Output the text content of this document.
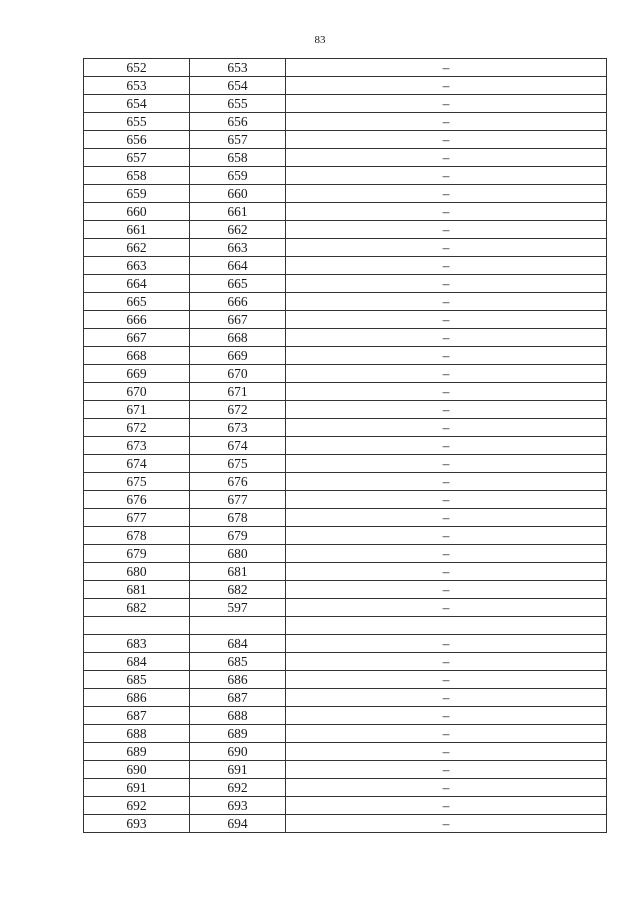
83
652	653	–
653	654	–
654	655	–
655	656	–
656	657	–
657	658	–
658	659	–
659	660	–
660	661	–
661	662	–
662	663	–
663	664	–
664	665	–
665	666	–
666	667	–
667	668	–
668	669	–
669	670	–
670	671	–
671	672	–
672	673	–
673	674	–
674	675	–
675	676	–
676	677	–
677	678	–
678	679	–
679	680	–
680	681	–
681	682	–
682	597	–

683	684	–
684	685	–
685	686	–
686	687	–
687	688	–
688	689	–
689	690	–
690	691	–
691	692	–
692	693	–
693	694	–
